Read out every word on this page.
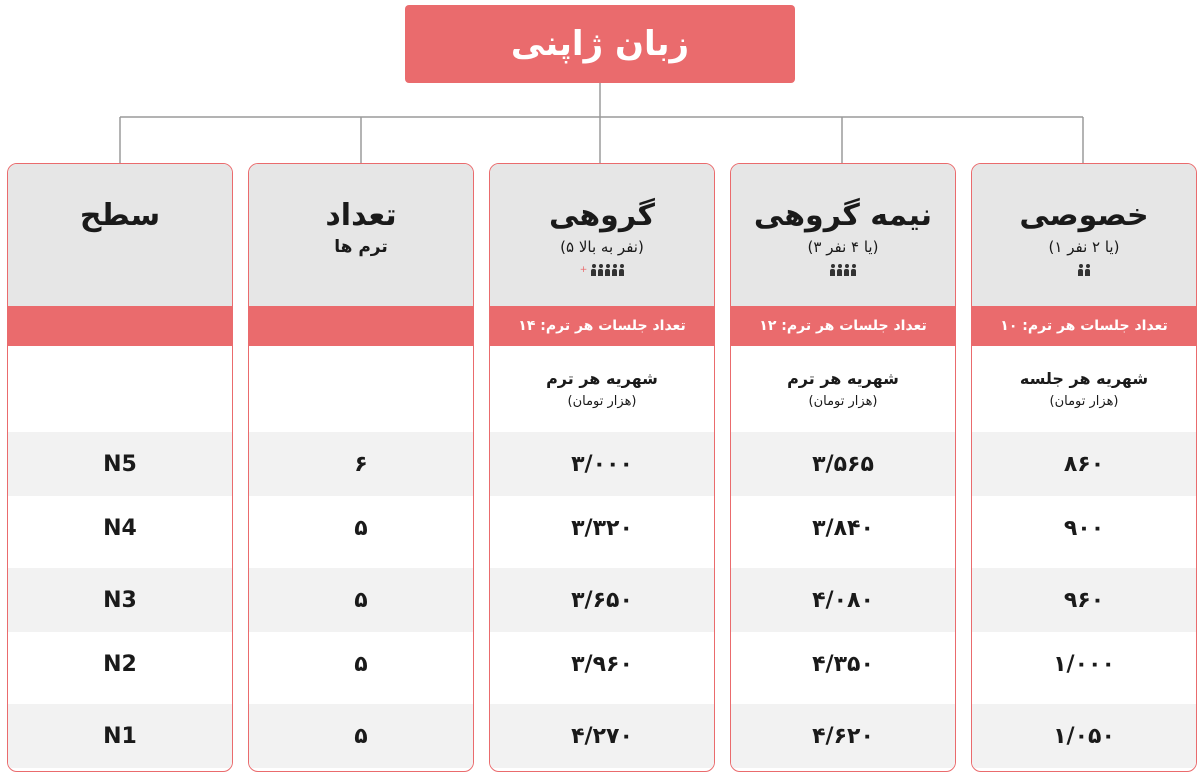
زبان ژاپنی
سطح
N5
N4
N3
N2
N1
تعداد
ترم ها
۶
۵
۵
۵
۵
گروهی
(۵ نفر به بالا)
+
تعداد جلسات هر ترم: ۱۴
شهریه هر ترم
(هزار تومان)
۳/۰۰۰
۳/۳۲۰
۳/۶۵۰
۳/۹۶۰
۴/۲۷۰
نیمه گروهی
(۳ یا ۴ نفر)
تعداد جلسات هر ترم: ۱۲
شهریه هر ترم
(هزار تومان)
۳/۵۶۵
۳/۸۴۰
۴/۰۸۰
۴/۳۵۰
۴/۶۲۰
خصوصی
(۱ یا ۲ نفر)
تعداد جلسات هر ترم: ۱۰
شهریه هر جلسه
(هزار تومان)
۸۶۰
۹۰۰
۹۶۰
۱/۰۰۰
۱/۰۵۰
